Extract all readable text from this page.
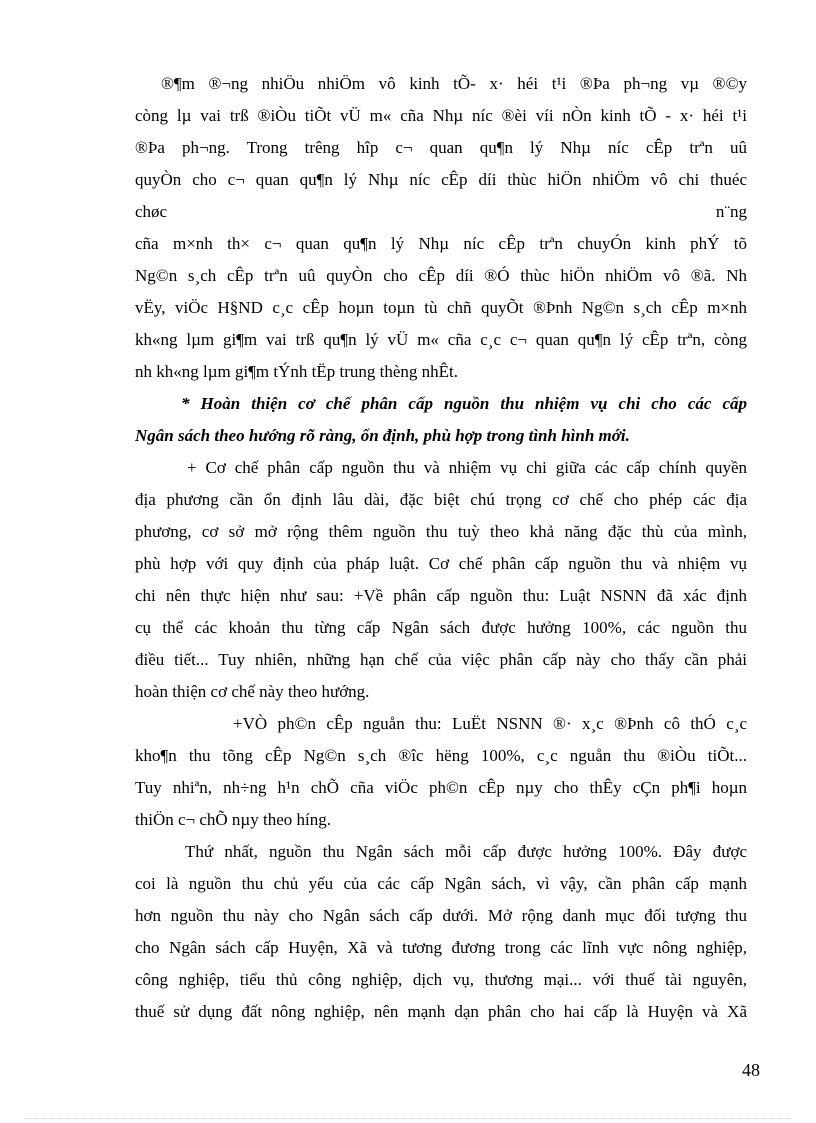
®¶m ®¬ng nhiÖu nhiÖm vô kinh tÕ- x· héi t¹i ®Þa ph¬ng vµ ®©y
còng lµ vai trß ®iÒu tiÕt vÜ m« cña Nhµ níc ®èi víi nÒn kinh tÕ - x· héi t¹i
®Þa ph¬ng. Trong trêng hîp c¬ quan qu¶n lý Nhµ níc cÊp trªn uû
quyÒn cho c¬ quan qu¶n lý Nhµ níc cÊp díi thùc hiÖn nhiÖm vô chi thuéc
chøc n¨ng
cña m×nh th× c¬ quan qu¶n lý Nhµ níc cÊp trªn chuyÓn kinh phÝ tõ
Ng©n s¸ch cÊp trªn uû quyÒn cho cÊp díi ®Ó thùc hiÖn nhiÖm vô ®ã. Nh
vËy, viÖc H§ND c¸c cÊp hoµn toµn tù chñ quyÕt ®Þnh Ng©n s¸ch cÊp m×nh
kh«ng lµm gi¶m vai trß qu¶n lý vÜ m« cña c¸c c¬ quan qu¶n lý cÊp trªn, còng
nh kh«ng lµm gi¶m tÝnh tËp trung thèng nhÊt.
* Hoàn thiện cơ chế phân cấp nguồn thu nhiệm vụ chi cho các cấp
Ngân sách theo hướng rõ ràng, ổn định, phù hợp trong tình hình mới.
+ Cơ chế phân cấp nguồn thu và nhiệm vụ chi giữa các cấp chính quyền
địa phương cần ổn định lâu dài, đặc biệt chú trọng cơ chế cho phép các địa
phương, cơ sở mở rộng thêm nguồn thu tuỳ theo khả năng đặc thù của mình,
phù hợp với quy định của pháp luật. Cơ chế phân cấp nguồn thu và nhiệm vụ
chi nên thực hiện như sau: +Về phân cấp nguồn thu: Luật NSNN đã xác định
cụ thể các khoản thu từng cấp Ngân sách được hưởng 100%, các nguồn thu
điều tiết... Tuy nhiên, những hạn chế của việc phân cấp này cho thấy cần phải
hoàn thiện cơ chế này theo hướng.
+VÒ ph©n cÊp nguån thu: LuËt NSNN ®· x¸c ®Þnh cô thÓ c¸c
kho¶n thu tõng cÊp Ng©n s¸ch ®îc hëng 100%, c¸c nguån thu ®iÒu tiÕt...
Tuy nhiªn, nh÷ng h¹n chÕ cña viÖc ph©n cÊp nµy cho thÊy cÇn ph¶i hoµn
thiÖn c¬ chÕ nµy theo híng.
Thứ nhất, nguồn thu Ngân sách mỗi cấp được hưởng 100%. Đây được
coi là nguồn thu chủ yếu của các cấp Ngân sách, vì vậy, cần phân cấp mạnh
hơn nguồn thu này cho Ngân sách cấp dưới. Mở rộng danh mục đối tượng thu
cho Ngân sách cấp Huyện, Xã và tương đương trong các lĩnh vực nông nghiệp,
công nghiệp, tiểu thủ công nghiệp, dịch vụ, thương mại... với thuế tài nguyên,
thuế sử dụng đất nông nghiệp, nên mạnh dạn phân cho hai cấp là Huyện và Xã
48
